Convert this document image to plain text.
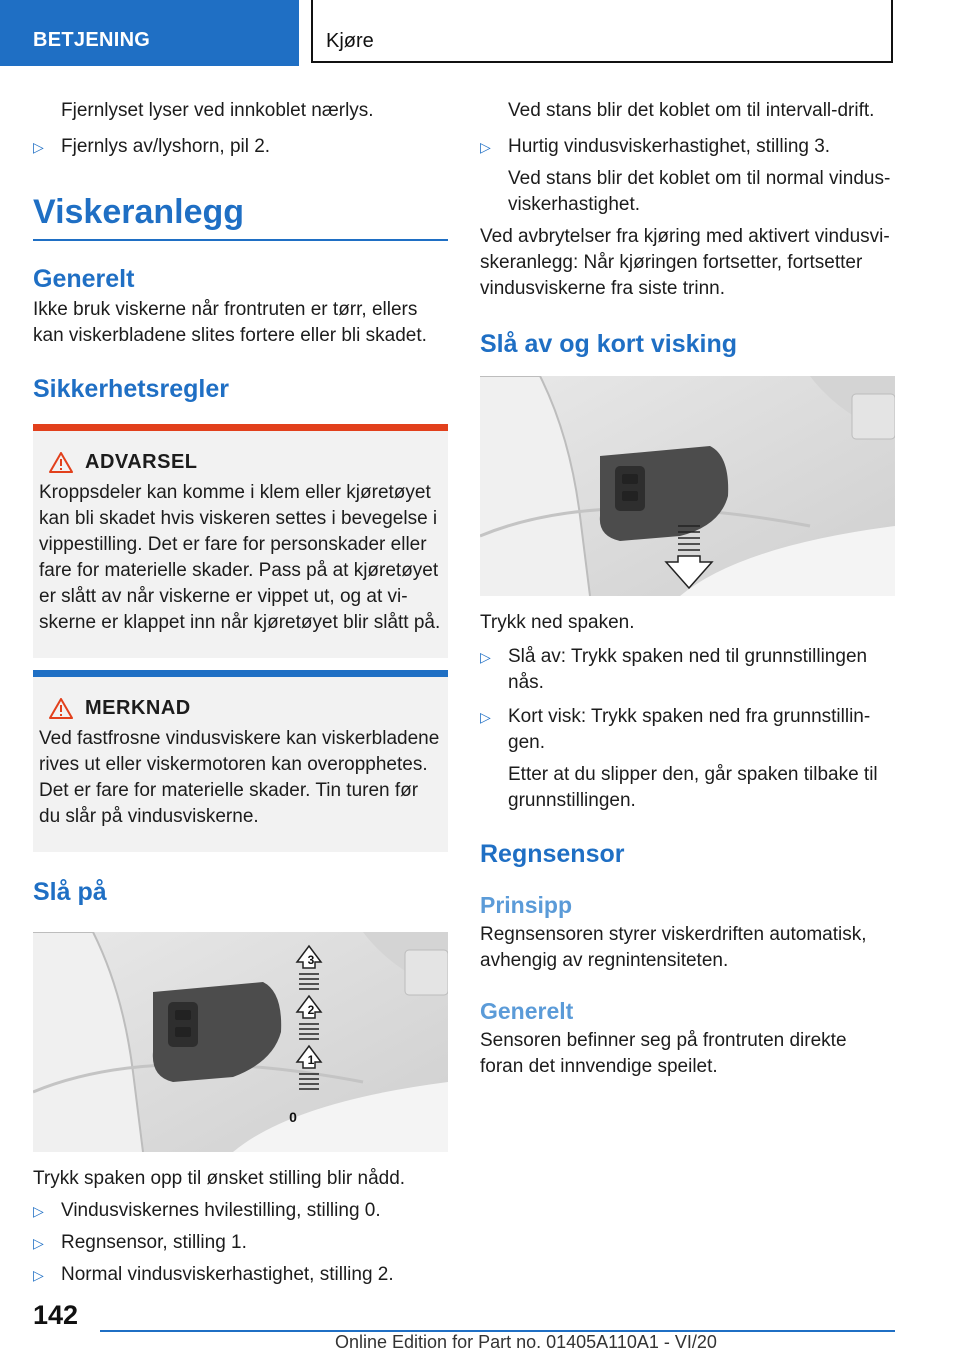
BETJENING	Kjøre

Fjernlyset lyser ved innkoblet nærlys.

▷ Fjernlys av/lyshorn, pil 2.
Viskeranlegg
Generelt

Ikke bruk viskerne når frontruten er tørr, ellers kan viskerbladene slites fortere eller bli skadet.

Sikkerhetsregler
ADVARSEL

Kroppsdeler kan komme i klem eller kjøretøyet kan bli skadet hvis viskeren settes i bevegelse i vippestilling. Det er fare for personskader eller fare for materielle skader. Pass på at kjøretøyet er slått av når viskerne er vippet ut, og at viskerne er klappet inn når kjøretøyet blir slått på.

MERKNAD

Ved fastfrosne vindusviskere kan viskerbladene rives ut eller viskermotoren kan overopphetes. Det er fare for materielle skader. Tin turen før du slår på vindusviskerne.

Slå på
3
2
1
0

Trykk spaken opp til ønsket stilling blir nådd.

▷ Vindusviskernes hvilestilling, stilling 0.
▷ Regnsensor, stilling 1.
▷ Normal vindusviskerhastighet, stilling 2.

Ved stans blir det koblet om til intervall-drift.

▷ Hurtig vindusviskerhastighet, stilling 3.

Ved stans blir det koblet om til normal vindusviskerhastighet.

Ved avbrytelser fra kjøring med aktivert vindusviskeranlegg: Når kjøringen fortsetter, fortsetter vindusviskerne fra siste trinn.

Slå av og kort visking

Trykk ned spaken.

▷ Slå av: Trykk spaken ned til grunnstillingen nås.
▷ Kort visk: Trykk spaken ned fra grunnstillingen.

Etter at du slipper den, går spaken tilbake til grunnstillingen.

Regnsensor
Prinsipp

Regnsensoren styrer viskerdriften automatisk, avhengig av regnintensiteten.

Generelt

Sensoren befinner seg på frontruten direkte foran det innvendige speilet.

142
Online Edition for Part no. 01405A110A1 - VI/20
